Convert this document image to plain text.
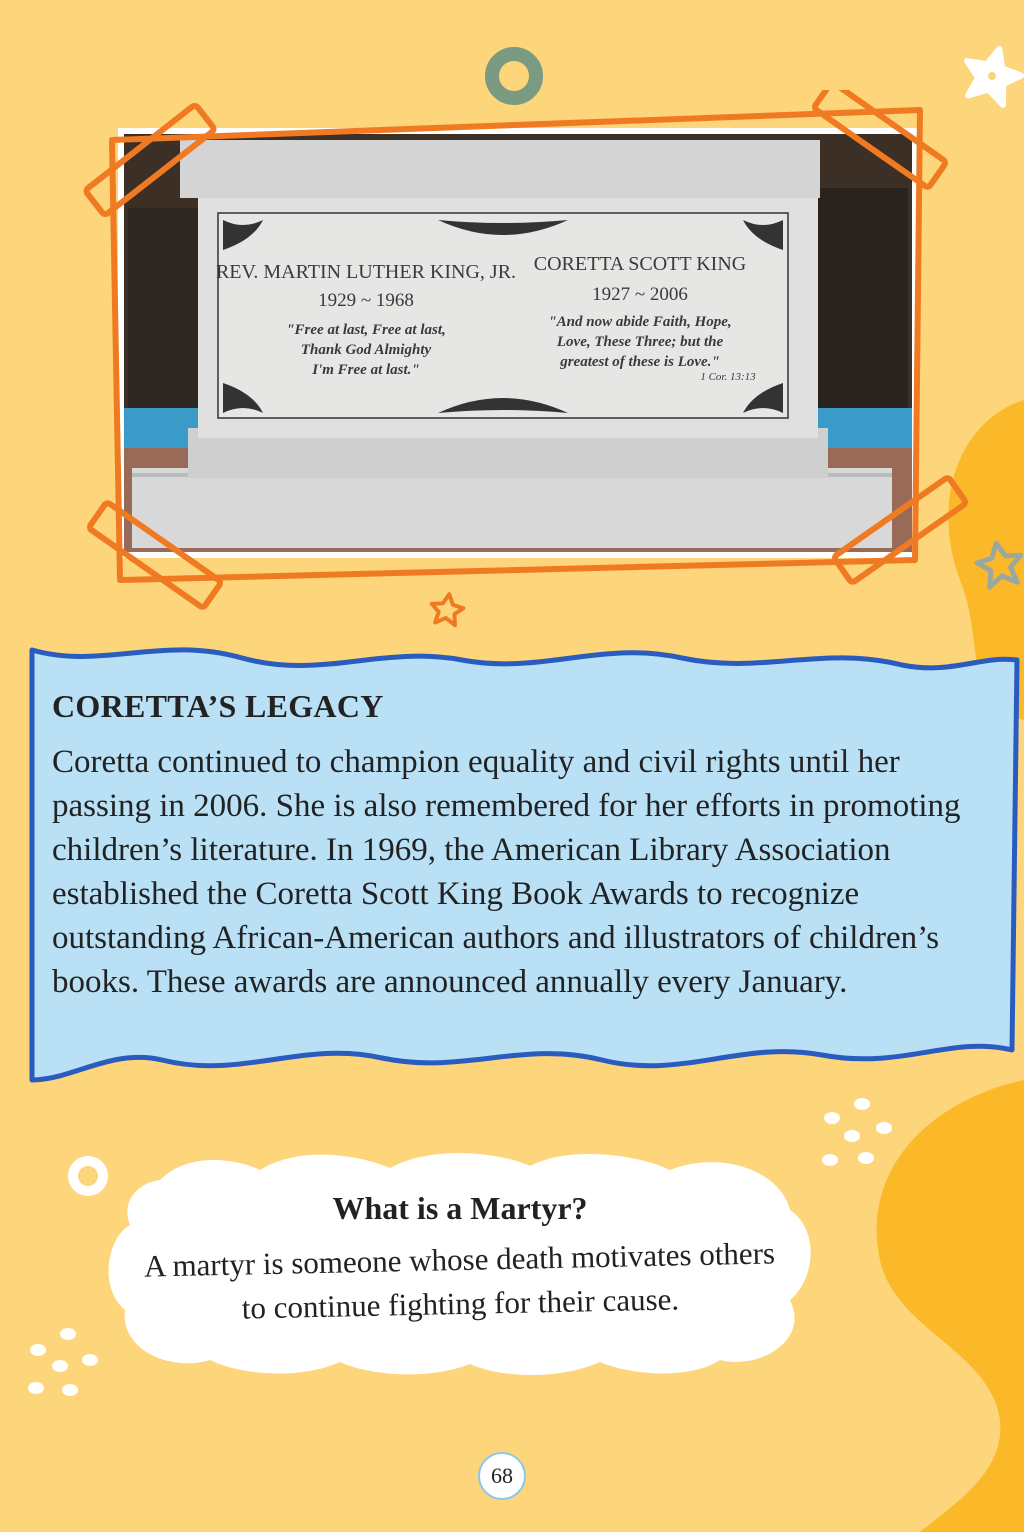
REV. MARTIN LUTHER KING, JR.
1929 ~ 1968
"Free at last, Free at last,
Thank God Almighty
I'm Free at last."
CORETTA SCOTT KING
1927 ~ 2006
"And now abide Faith, Hope,
Love, These Three; but the
greatest of these is Love."
1 Cor. 13:13
CORETTA’S LEGACY
Coretta continued to champion equality and civil rights until her passing in 2006. She is also remembered for her efforts in promoting children’s literature. In 1969, the American Library Association established the Coretta Scott King Book Awards to recognize outstanding African-American authors and illustrators of children’s books. These awards are announced annually every January.
What is a Martyr?
A martyr is someone whose death motivates others to continue fighting for their cause.
68
